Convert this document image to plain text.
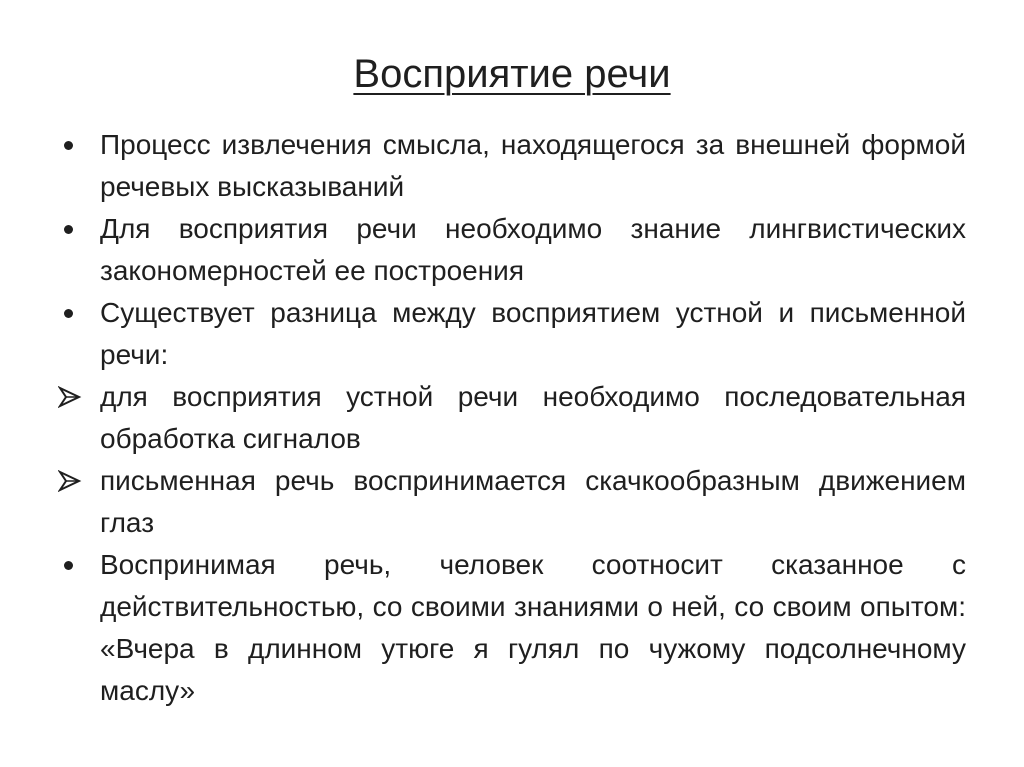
Восприятие речи
Процесс извлечения смысла, находящегося за внешней формой речевых высказываний
Для восприятия речи необходимо знание лингвистических закономерностей ее построения
Существует разница между восприятием устной и письменной речи:
для восприятия устной речи необходимо последовательная обработка сигналов
письменная речь воспринимается скачкообразным движением глаз
Воспринимая речь, человек соотносит сказанное с действительностью, со своими знаниями о ней, со своим опытом: «Вчера в длинном утюге я гулял по чужому подсолнечному маслу»
